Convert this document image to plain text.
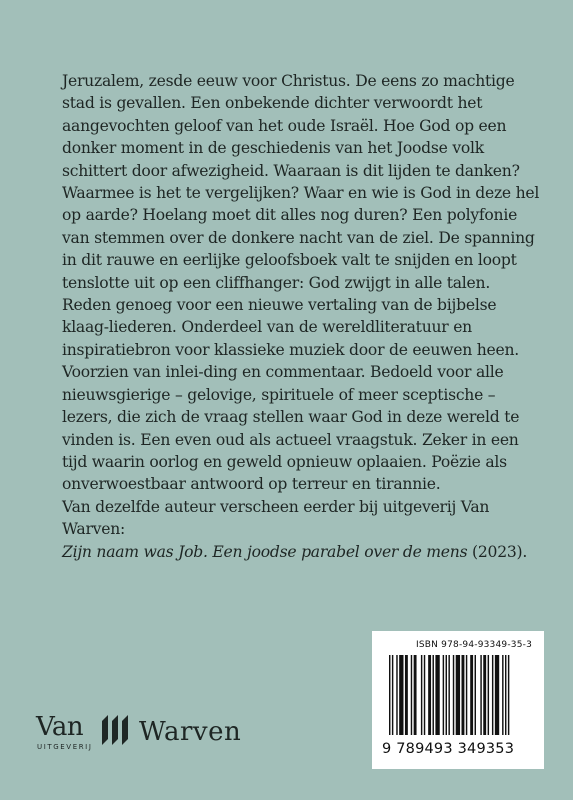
Jeruzalem, zesde eeuw voor Christus. De eens zo machtige stad is gevallen. Een onbekende dichter verwoordt het aangevochten geloof van het oude Israël. Hoe God op een donker moment in de geschiedenis van het Joodse volk schittert door afwezigheid. Waaraan is dit lijden te danken? Waarmee is het te vergelijken? Waar en wie is God in deze hel op aarde? Hoelang moet dit alles nog duren? Een polyfonie van stemmen over de donkere nacht van de ziel. De spanning in dit rauwe en eerlijke geloofsboek valt te snijden en loopt tenslotte uit op een cliffhanger: God zwijgt in alle talen.

Reden genoeg voor een nieuwe vertaling van de bijbelse klaag-liederen. Onderdeel van de wereldliteratuur en inspiratiebron voor klassieke muziek door de eeuwen heen. Voorzien van inlei-ding en commentaar. Bedoeld voor alle nieuwsgierige – gelovige, spirituele of meer sceptische – lezers, die zich de vraag stellen waar God in deze wereld te vinden is. Een even oud als actueel vraagstuk. Zeker in een tijd waarin oorlog en geweld opnieuw oplaaien. Poëzie als onverwoestbaar antwoord op terreur en tirannie.

Van dezelfde auteur verscheen eerder bij uitgeverij Van Warven:
Zijn naam was Job. Een joodse parabel over de mens (2023).

Van
UITGEVERIJ Warven
ISBN 978-94-93349-35-3
9 789493 349353
